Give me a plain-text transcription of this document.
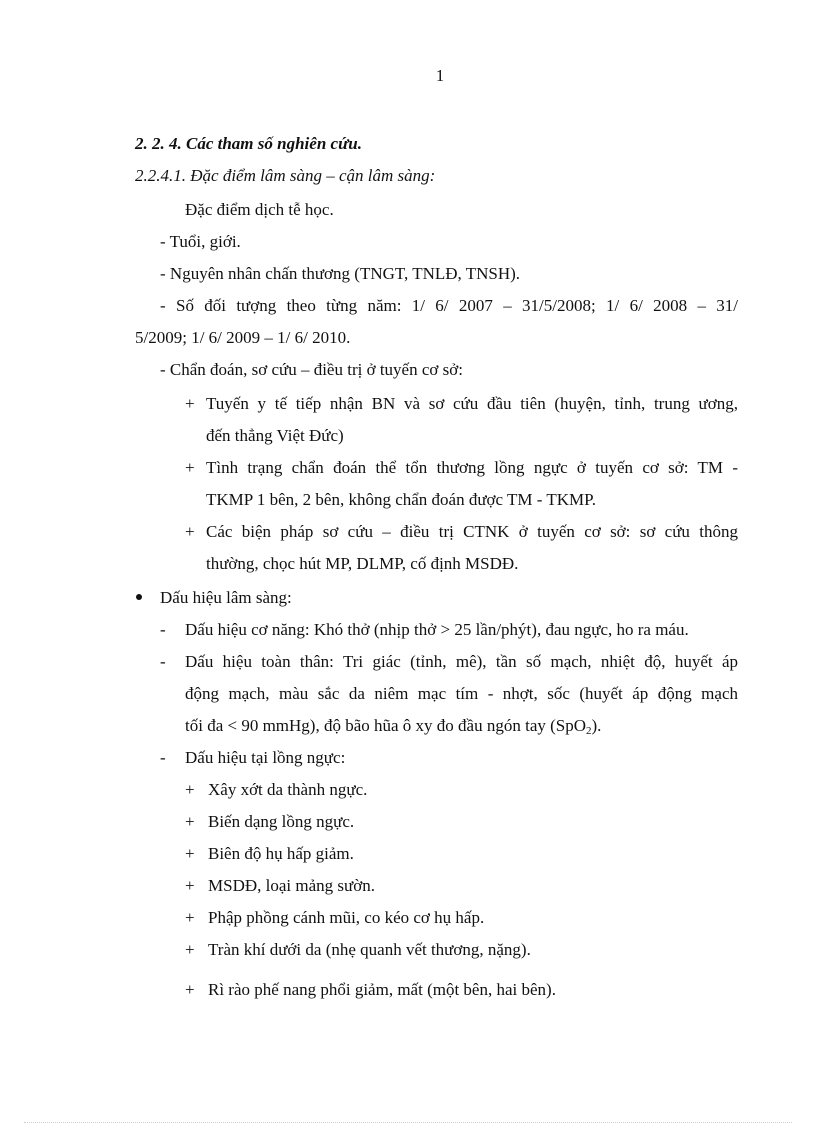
1
2. 2. 4. Các tham số nghiên cứu.
2.2.4.1. Đặc điểm lâm sàng – cận lâm sàng:
Đặc điểm dịch tễ học.
- Tuổi, giới.
- Nguyên nhân chấn thương (TNGT, TNLĐ, TNSH).
- Số đối tượng theo từng năm: 1/ 6/ 2007 – 31/5/2008; 1/ 6/ 2008 – 31/
5/2009; 1/ 6/ 2009 – 1/ 6/ 2010.
- Chẩn đoán, sơ cứu – điều trị ở tuyến cơ sở:
+ Tuyến y tế tiếp nhận BN và sơ cứu đầu tiên (huyện, tỉnh, trung ương,
đến thẳng Việt Đức)
+ Tình trạng chẩn đoán thể tổn thương lồng ngực ở tuyến cơ sở: TM -
TKMP 1 bên, 2 bên, không chẩn đoán được TM - TKMP.
+ Các biện pháp sơ cứu – điều trị CTNK ở tuyến cơ sở: sơ cứu thông
thường, chọc hút MP, DLMP, cố định MSDĐ.
Dấu hiệu lâm sàng:
- Dấu hiệu cơ năng: Khó thở (nhịp thở > 25 lần/phýt), đau ngực, ho ra máu.
- Dấu hiệu toàn thân: Tri giác (tỉnh, mê), tần số mạch, nhiệt độ, huyết áp
động mạch, màu sắc da niêm mạc tím - nhợt, sốc (huyết áp động mạch
tối đa < 90 mmHg), độ bão hũa ô xy đo đầu ngón tay (SpO$_2$).
- Dấu hiệu tại lồng ngực:
+ Xây xớt da thành ngực.
+ Biến dạng lồng ngực.
+ Biên độ hụ hấp giảm.
+ MSDĐ, loại mảng sườn.
+ Phập phồng cánh mũi, co kéo cơ hụ hấp.
+ Tràn khí dưới da (nhẹ quanh vết thương, nặng).
+ Rì rào phế nang phổi giảm, mất (một bên, hai bên).
